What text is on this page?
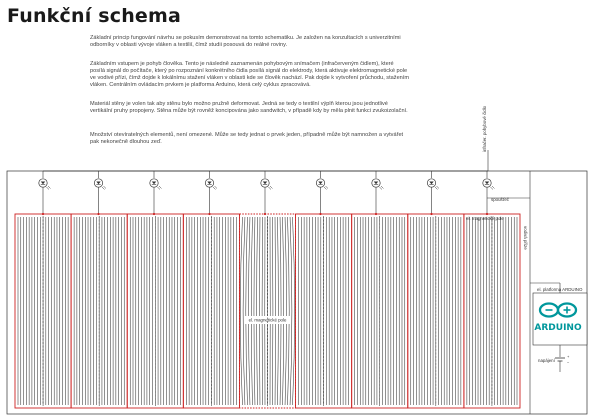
Funkční schema
Základní princip fungování návrhu se pokusím demonstrovat na tomto schematiku. Je založen na konzultacích s univerzitními odborníky v oblasti vývoje vláken a textilií, čímž studii posouvá do reálné roviny.
Základním vstupem je pohyb člověka. Tento je následně zaznamenán pohybovým snímačem (infračerveným čidlem), které posílá signál do počítače, který po rozpoznání konkrétního čidla posílá signál do elektrody, která aktivuje elektromagnetické pole ve vodivé přízi, čímž dojde k lokálnímu stažení vláken v oblasti kde se člověk nachází. Pak dojde k vytvoření průchodu, stažením vláken. Centrálním ovládacím prvkem je platforma Arduino, která celý cyklus zpracovává.
Materiál stěny je volen tak aby stěnu bylo možno pružně deformovat. Jedná se tedy o textilní výplň kterou jsou jednotlivé vertikální pruhy propojeny. Stěna může být rovněž koncipována jako sandwitch, v případě kdy by měla plnit funkci zvukoizolační.
Množství otevíratelných elementů, není omezené. Může se tedy jednat o prvek jeden, případně může být namnožen a vytvářet pak nekonečně dlouhou zeď.
el. magnetické pole
infračer. pohybové čidlo
spoušťeč
el. magnetické pole
vodivá příze
el. platforma ARDUINO
napájení
ARDUINO
+
−
